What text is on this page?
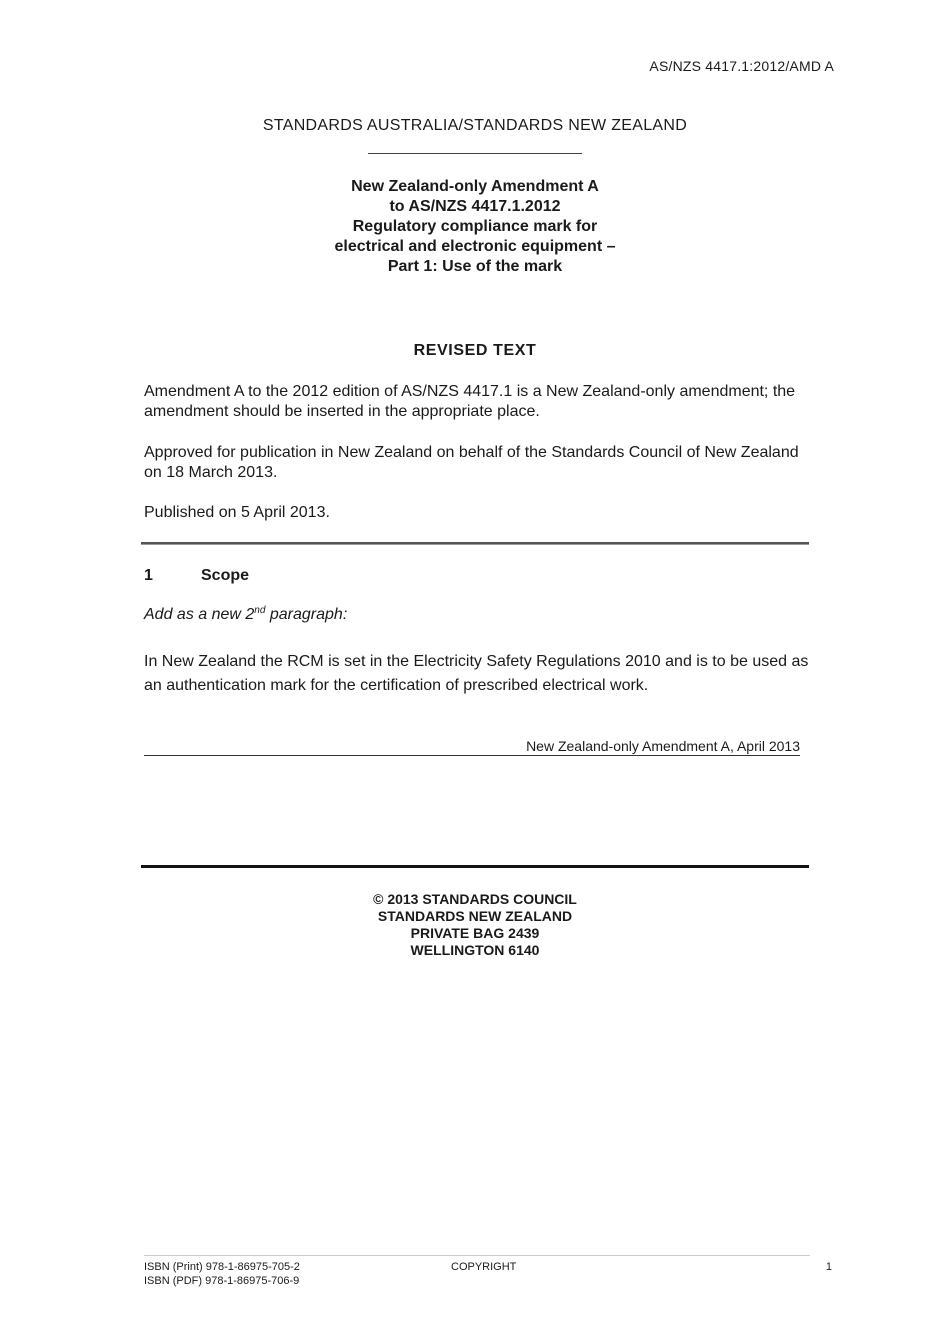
AS/NZS 4417.1:2012/AMD A
STANDARDS AUSTRALIA/STANDARDS NEW ZEALAND
New Zealand-only Amendment A
to AS/NZS 4417.1.2012
Regulatory compliance mark for
electrical and electronic equipment –
Part 1: Use of the mark
REVISED TEXT
Amendment A to the 2012 edition of AS/NZS 4417.1 is a New Zealand-only amendment; the amendment should be inserted in the appropriate place.
Approved for publication in New Zealand on behalf of the Standards Council of New Zealand on 18 March 2013.
Published on 5 April 2013.
1	Scope
Add as a new 2nd paragraph:
In New Zealand the RCM is set in the Electricity Safety Regulations 2010 and is to be used as an authentication mark for the certification of prescribed electrical work.
New Zealand-only Amendment A, April 2013
© 2013 STANDARDS COUNCIL
STANDARDS NEW ZEALAND
PRIVATE BAG 2439
WELLINGTON 6140
ISBN (Print) 978-1-86975-705-2
ISBN (PDF) 978-1-86975-706-9
COPYRIGHT	1
